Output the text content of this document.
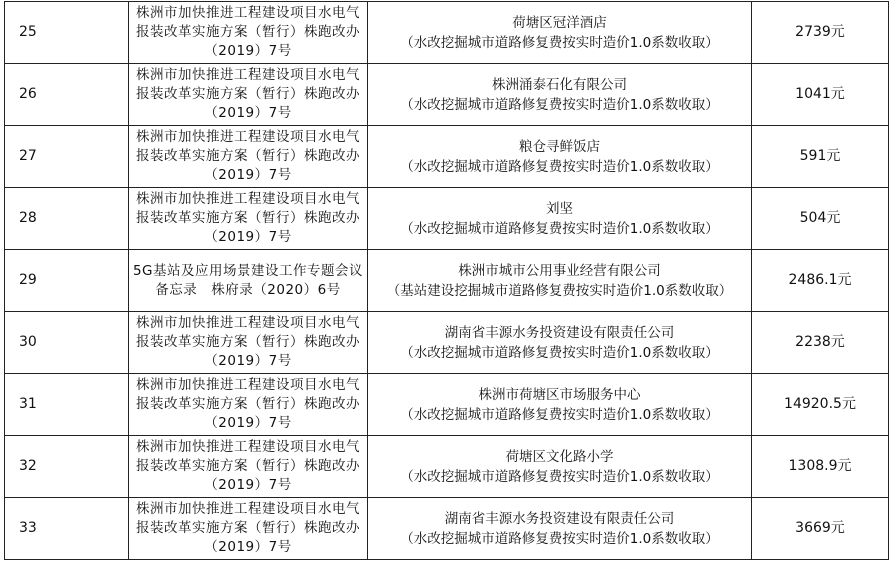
25	株洲市加快推进工程建设项目水电气报装改革实施方案（暂行）株跑改办（2019）7号	荷塘区冠洋酒店
（水改挖掘城市道路修复费按实时造价1.0系数收取）	2739元
26	株洲市加快推进工程建设项目水电气报装改革实施方案（暂行）株跑改办（2019）7号	株洲涌泰石化有限公司
（水改挖掘城市道路修复费按实时造价1.0系数收取）	1041元
27	株洲市加快推进工程建设项目水电气报装改革实施方案（暂行）株跑改办（2019）7号	粮仓寻鲜饭店
（水改挖掘城市道路修复费按实时造价1.0系数收取）	591元
28	株洲市加快推进工程建设项目水电气报装改革实施方案（暂行）株跑改办（2019）7号	刘坚
（水改挖掘城市道路修复费按实时造价1.0系数收取）	504元
29	5G基站及应用场景建设工作专题会议备忘录　株府录（2020）6号	株洲市城市公用事业经营有限公司
（基站建设挖掘城市道路修复费按实时造价1.0系数收取）	2486.1元
30	株洲市加快推进工程建设项目水电气报装改革实施方案（暂行）株跑改办（2019）7号	湖南省丰源水务投资建设有限责任公司
（水改挖掘城市道路修复费按实时造价1.0系数收取）	2238元
31	株洲市加快推进工程建设项目水电气报装改革实施方案（暂行）株跑改办（2019）7号	株洲市荷塘区市场服务中心
（水改挖掘城市道路修复费按实时造价1.0系数收取）	14920.5元
32	株洲市加快推进工程建设项目水电气报装改革实施方案（暂行）株跑改办（2019）7号	荷塘区文化路小学
（水改挖掘城市道路修复费按实时造价1.0系数收取）	1308.9元
33	株洲市加快推进工程建设项目水电气报装改革实施方案（暂行）株跑改办（2019）7号	湖南省丰源水务投资建设有限责任公司
（水改挖掘城市道路修复费按实时造价1.0系数收取）	3669元
